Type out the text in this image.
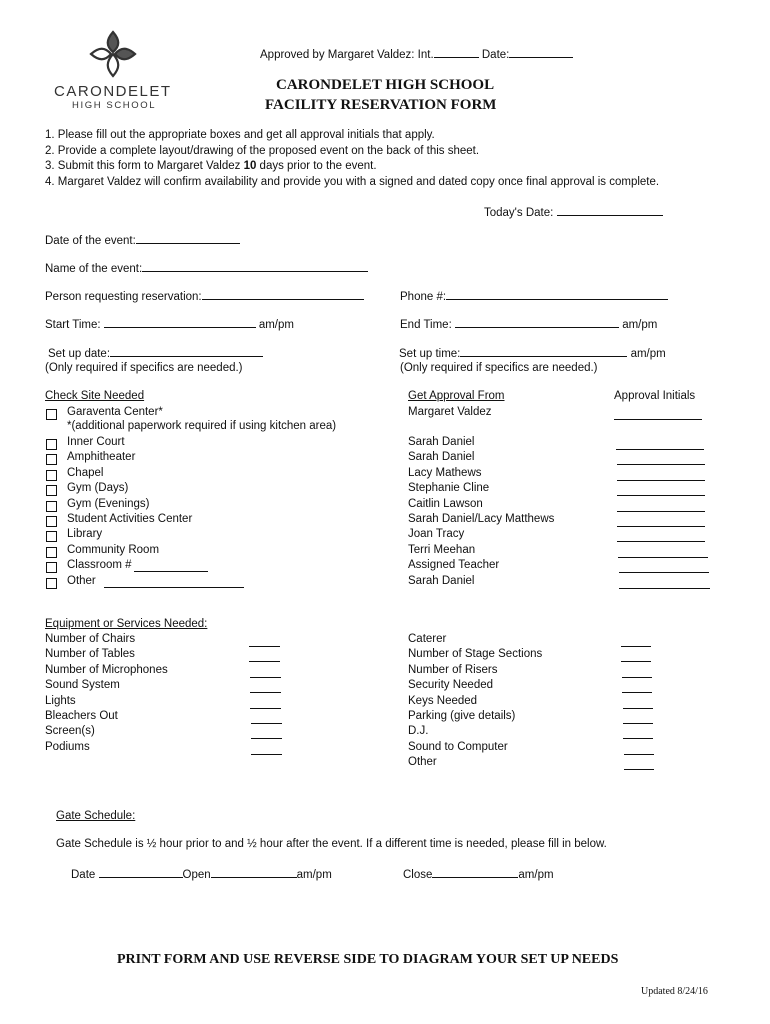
CARONDELET
HIGH SCHOOL
Approved by Margaret Valdez: Int.	Date:
CARONDELET HIGH SCHOOL
FACILITY RESERVATION FORM
1. Please fill out the appropriate boxes and get all approval initials that apply.
2. Provide a complete layout/drawing of the proposed event on the back of this sheet.
3. Submit this form to Margaret Valdez 10 days prior to the event.
4. Margaret Valdez will confirm availability and provide you with a signed and dated copy once final approval is complete.
Today's Date:
Date of the event:
Name of the event:
Person requesting reservation:	Phone #:
Start Time:	am/pm	End Time:	am/pm
Set up date:
(Only required if specifics are needed.)
Set up time:	am/pm
(Only required if specifics are needed.)
Check Site Needed	Get Approval From	Approval Initials
Garaventa Center*	Margaret Valdez
Inner Court	Sarah Daniel
Amphitheater	Sarah Daniel
Chapel	Lacy Mathews
Gym (Days)	Stephanie Cline
Gym (Evenings)	Caitlin Lawson
Student Activities Center	Sarah Daniel/Lacy Matthews
Library	Joan Tracy
Community Room	Terri Meehan
Classroom #	Assigned Teacher
Other	Sarah Daniel
*(additional paperwork required if using kitchen area)
Equipment or Services Needed:
Number of Chairs
Number of Tables
Number of Microphones
Sound System
Lights
Bleachers Out
Screen(s)
Podiums
Caterer
Number of Stage Sections
Number of Risers
Security Needed
Keys Needed
Parking (give details)
D.J.
Sound to Computer
Other
Gate Schedule:
Gate Schedule is ½ hour prior to and ½ hour after the event. If a different time is needed, please fill in below.
Date	Open	am/pm	Close	am/pm
PRINT FORM AND USE REVERSE SIDE TO DIAGRAM YOUR SET UP NEEDS
Updated 8/24/16
